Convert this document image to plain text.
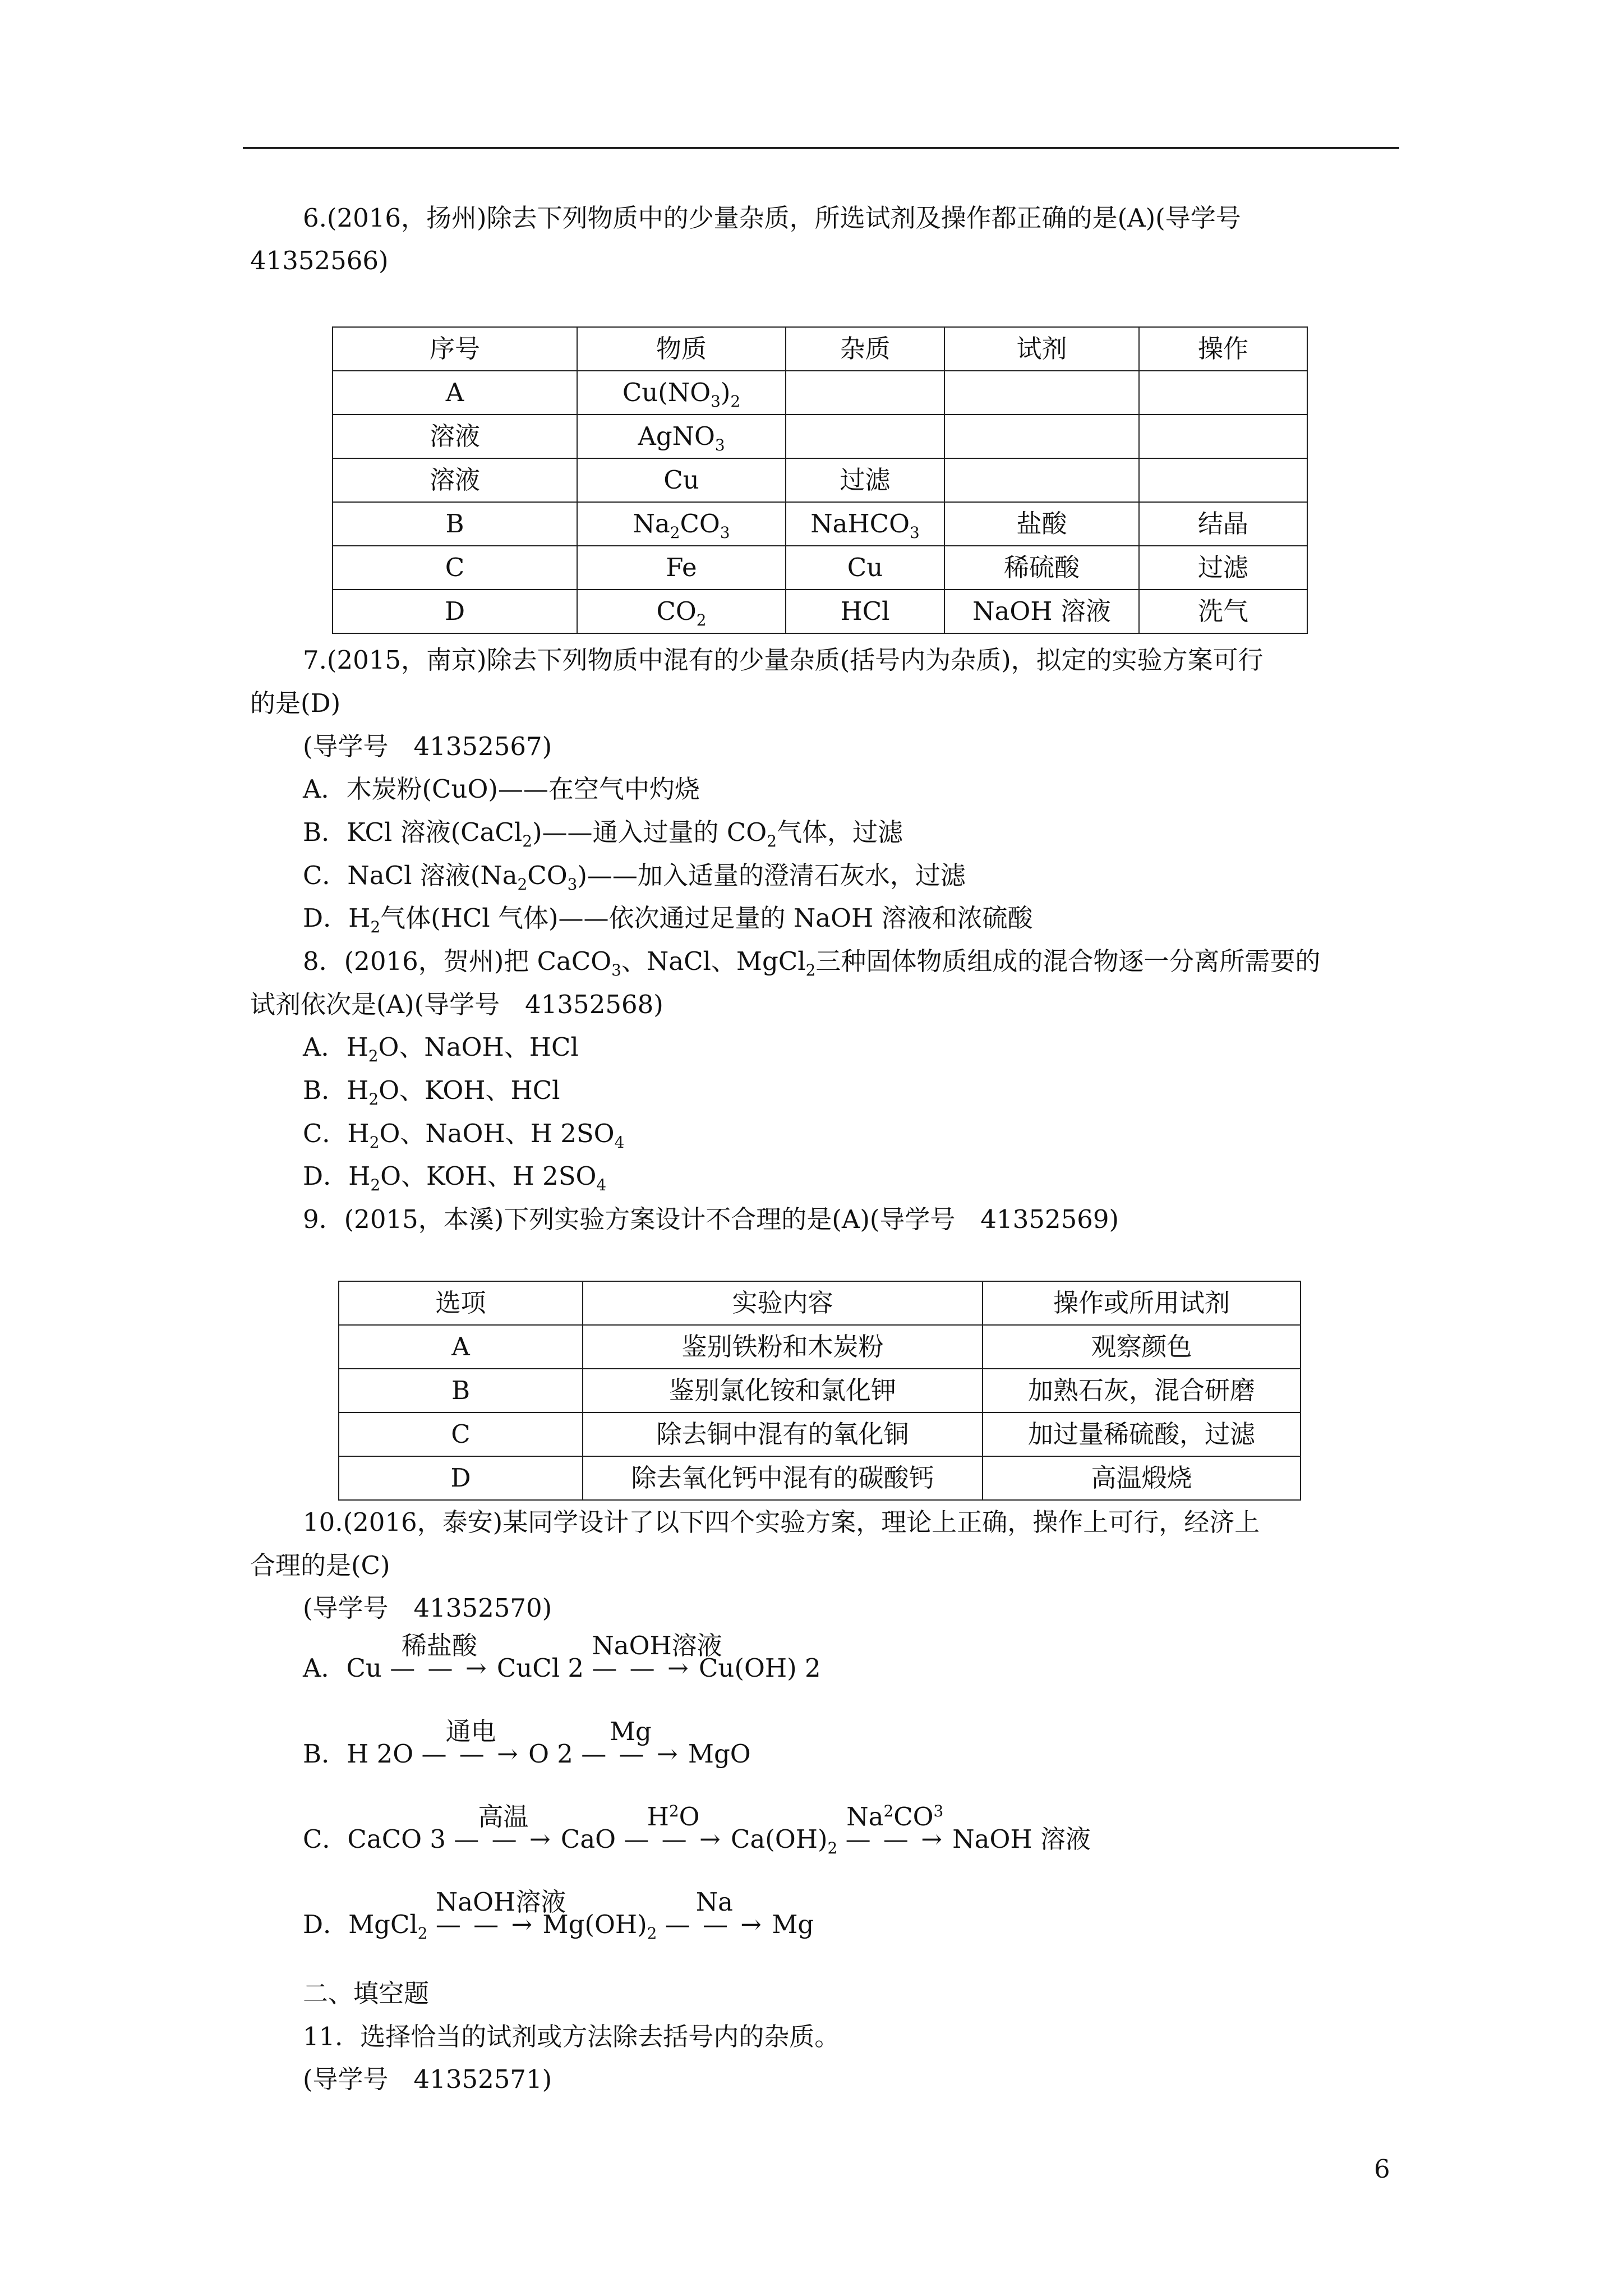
6.(2016，扬州)除去下列物质中的少量杂质，所选试剂及操作都正确的是(A)(导学号
41352566)
序号	物质	杂质	试剂	操作
A	$Cu(NO_3)_2$			
溶液	AgNO$_3$			
溶液	Cu	过滤		
B	$Na_2CO_3$	NaHCO$_3$	盐酸	结晶
C	Fe	Cu	稀硫酸	过滤
D	$CO_2$	HCl	NaOH 溶液	洗气
7.(2015，南京)除去下列物质中混有的少量杂质(括号内为杂质)，拟定的实验方案可行
的是(D)
(导学号　41352567)
A．木炭粉(CuO)——在空气中灼烧
B．KCl 溶液(CaCl$_2$)——通入过量的 $CO_2$气体，过滤
C．NaCl 溶液$(Na_2CO_3)——$加入适量的澄清石灰水，过滤
D．$H_2$气体(HCl 气体)——依次通过足量的 NaOH 溶液和浓硫酸
8．(2016，贺州)把 CaCO$_3$、NaCl、MgCl$_2$三种固体物质组成的混合物逐一分离所需要的
试剂依次是(A)(导学号　41352568)
A．$H_2O$、NaOH、HCl
B．$H_2O$、KOH、HCl
C．$H_2O$、NaOH、H $2SO_4$
D．$H_2O$、KOH、H $2SO_4$
9．(2015，本溪)下列实验方案设计不合理的是(A)(导学号　41352569)
选项	实验内容	操作或所用试剂
A	鉴别铁粉和木炭粉	观察颜色
B	鉴别氯化铵和氯化钾	加熟石灰，混合研磨
C	除去铜中混有的氧化铜	加过量稀硫酸，过滤
D	除去氧化钙中混有的碳酸钙	高温煅烧
10.(2016，泰安)某同学设计了以下四个实验方案，理论上正确，操作上可行，经济上
合理的是(C)
(导学号　41352570)
A．Cu
稀盐酸
— — → CuCl 2
NaOH溶液
— — → Cu(OH) 2
B．H 2O
通电
— — → O 2
Mg
— — → MgO
C．CaCO 3
高温
— — → CaO
$H^2O$
— — → $Ca(OH)_2$
$Na^2CO^3$
— — → NaOH 溶液
D．MgCl$_2$
NaOH溶液
— — → $Mg(OH)_2$
Na
— — → Mg
二、填空题
11．选择恰当的试剂或方法除去括号内的杂质。
(导学号　41352571)
6
